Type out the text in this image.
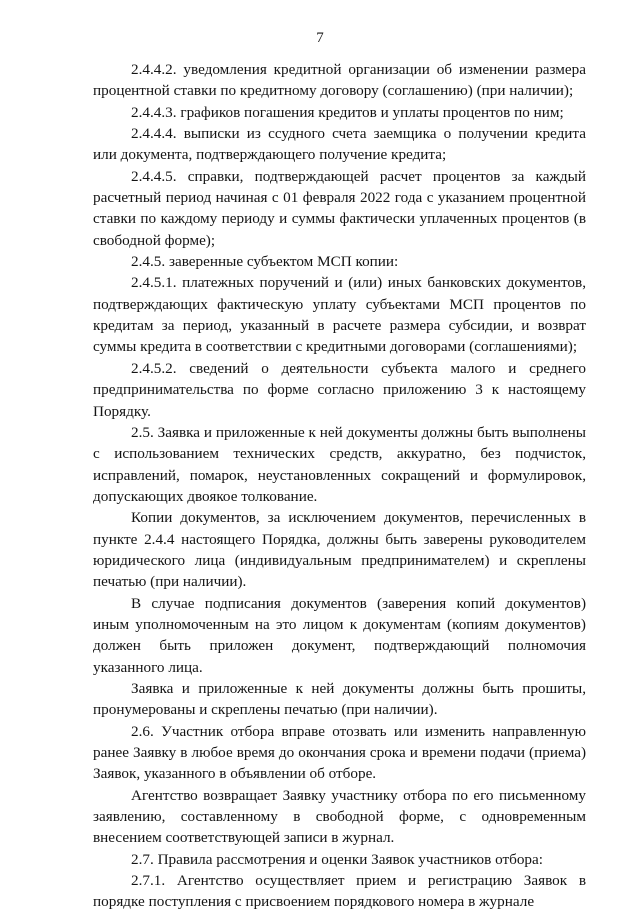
7

2.4.4.2. уведомления кредитной организации об изменении размера процентной ставки по кредитному договору (соглашению) (при наличии);

2.4.4.3. графиков погашения кредитов и уплаты процентов по ним;

2.4.4.4. выписки из ссудного счета заемщика о получении кредита или документа, подтверждающего получение кредита;

2.4.4.5. справки, подтверждающей расчет процентов за каждый расчетный период начиная с 01 февраля 2022 года с указанием процентной ставки по каждому периоду и суммы фактически уплаченных процентов (в свободной форме);

2.4.5. заверенные субъектом МСП копии:

2.4.5.1. платежных поручений и (или) иных банковских документов, подтверждающих фактическую уплату субъектами МСП процентов по кредитам за период, указанный в расчете размера субсидии, и возврат суммы кредита в соответствии с кредитными договорами (соглашениями);

2.4.5.2. сведений о деятельности субъекта малого и среднего предпринимательства по форме согласно приложению 3 к настоящему Порядку.

2.5. Заявка и приложенные к ней документы должны быть выполнены с использованием технических средств, аккуратно, без подчисток, исправлений, помарок, неустановленных сокращений и формулировок, допускающих двоякое толкование.

Копии документов, за исключением документов, перечисленных в пункте 2.4.4 настоящего Порядка, должны быть заверены руководителем юридического лица (индивидуальным предпринимателем) и скреплены печатью (при наличии).

В случае подписания документов (заверения копий документов) иным уполномоченным на это лицом к документам (копиям документов) должен быть приложен документ, подтверждающий полномочия указанного лица.

Заявка и приложенные к ней документы должны быть прошиты, пронумерованы и скреплены печатью (при наличии).

2.6. Участник отбора вправе отозвать или изменить направленную ранее Заявку в любое время до окончания срока и времени подачи (приема) Заявок, указанного в объявлении об отборе.

Агентство возвращает Заявку участнику отбора по его письменному заявлению, составленному в свободной форме, с одновременным внесением соответствующей записи в журнал.

2.7. Правила рассмотрения и оценки Заявок участников отбора:

2.7.1. Агентство осуществляет прием и регистрацию Заявок в порядке поступления с присвоением порядкового номера в журнале
